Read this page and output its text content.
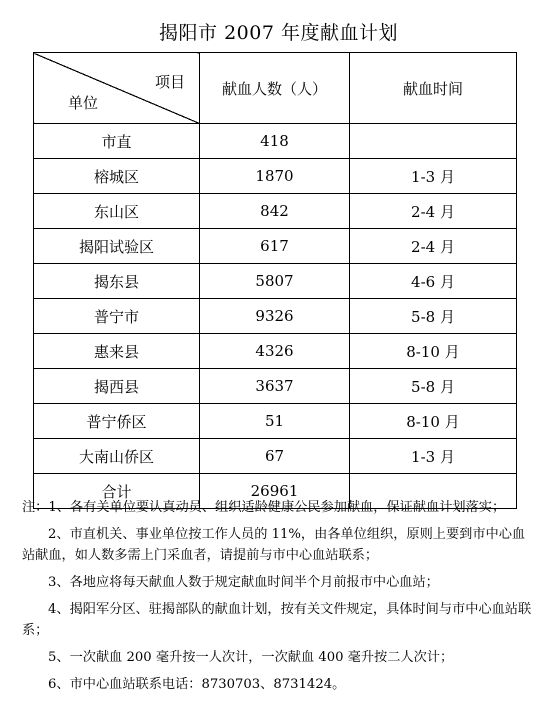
揭阳市 2007 年度献血计划
项目
单位	献血人数（人）	献血时间
市直	418	
榕城区	1870	1-3 月
东山区	842	2-4 月
揭阳试验区	617	2-4 月
揭东县	5807	4-6 月
普宁市	9326	5-8 月
惠来县	4326	8-10 月
揭西县	3637	5-8 月
普宁侨区	51	8-10 月
大南山侨区	67	1-3 月
合计	26961	

注：1、各有关单位要认真动员、组织适龄健康公民参加献血，保证献血计划落实；

2、市直机关、事业单位按工作人员的 11%，由各单位组织，原则上要到市中心血站献血，如人数多需上门采血者，请提前与市中心血站联系；

3、各地应将每天献血人数于规定献血时间半个月前报市中心血站；

4、揭阳军分区、驻揭部队的献血计划，按有关文件规定，具体时间与市中心血站联系；

5、一次献血 200 毫升按一人次计，一次献血 400 毫升按二人次计；

6、市中心血站联系电话：8730703、8731424。
